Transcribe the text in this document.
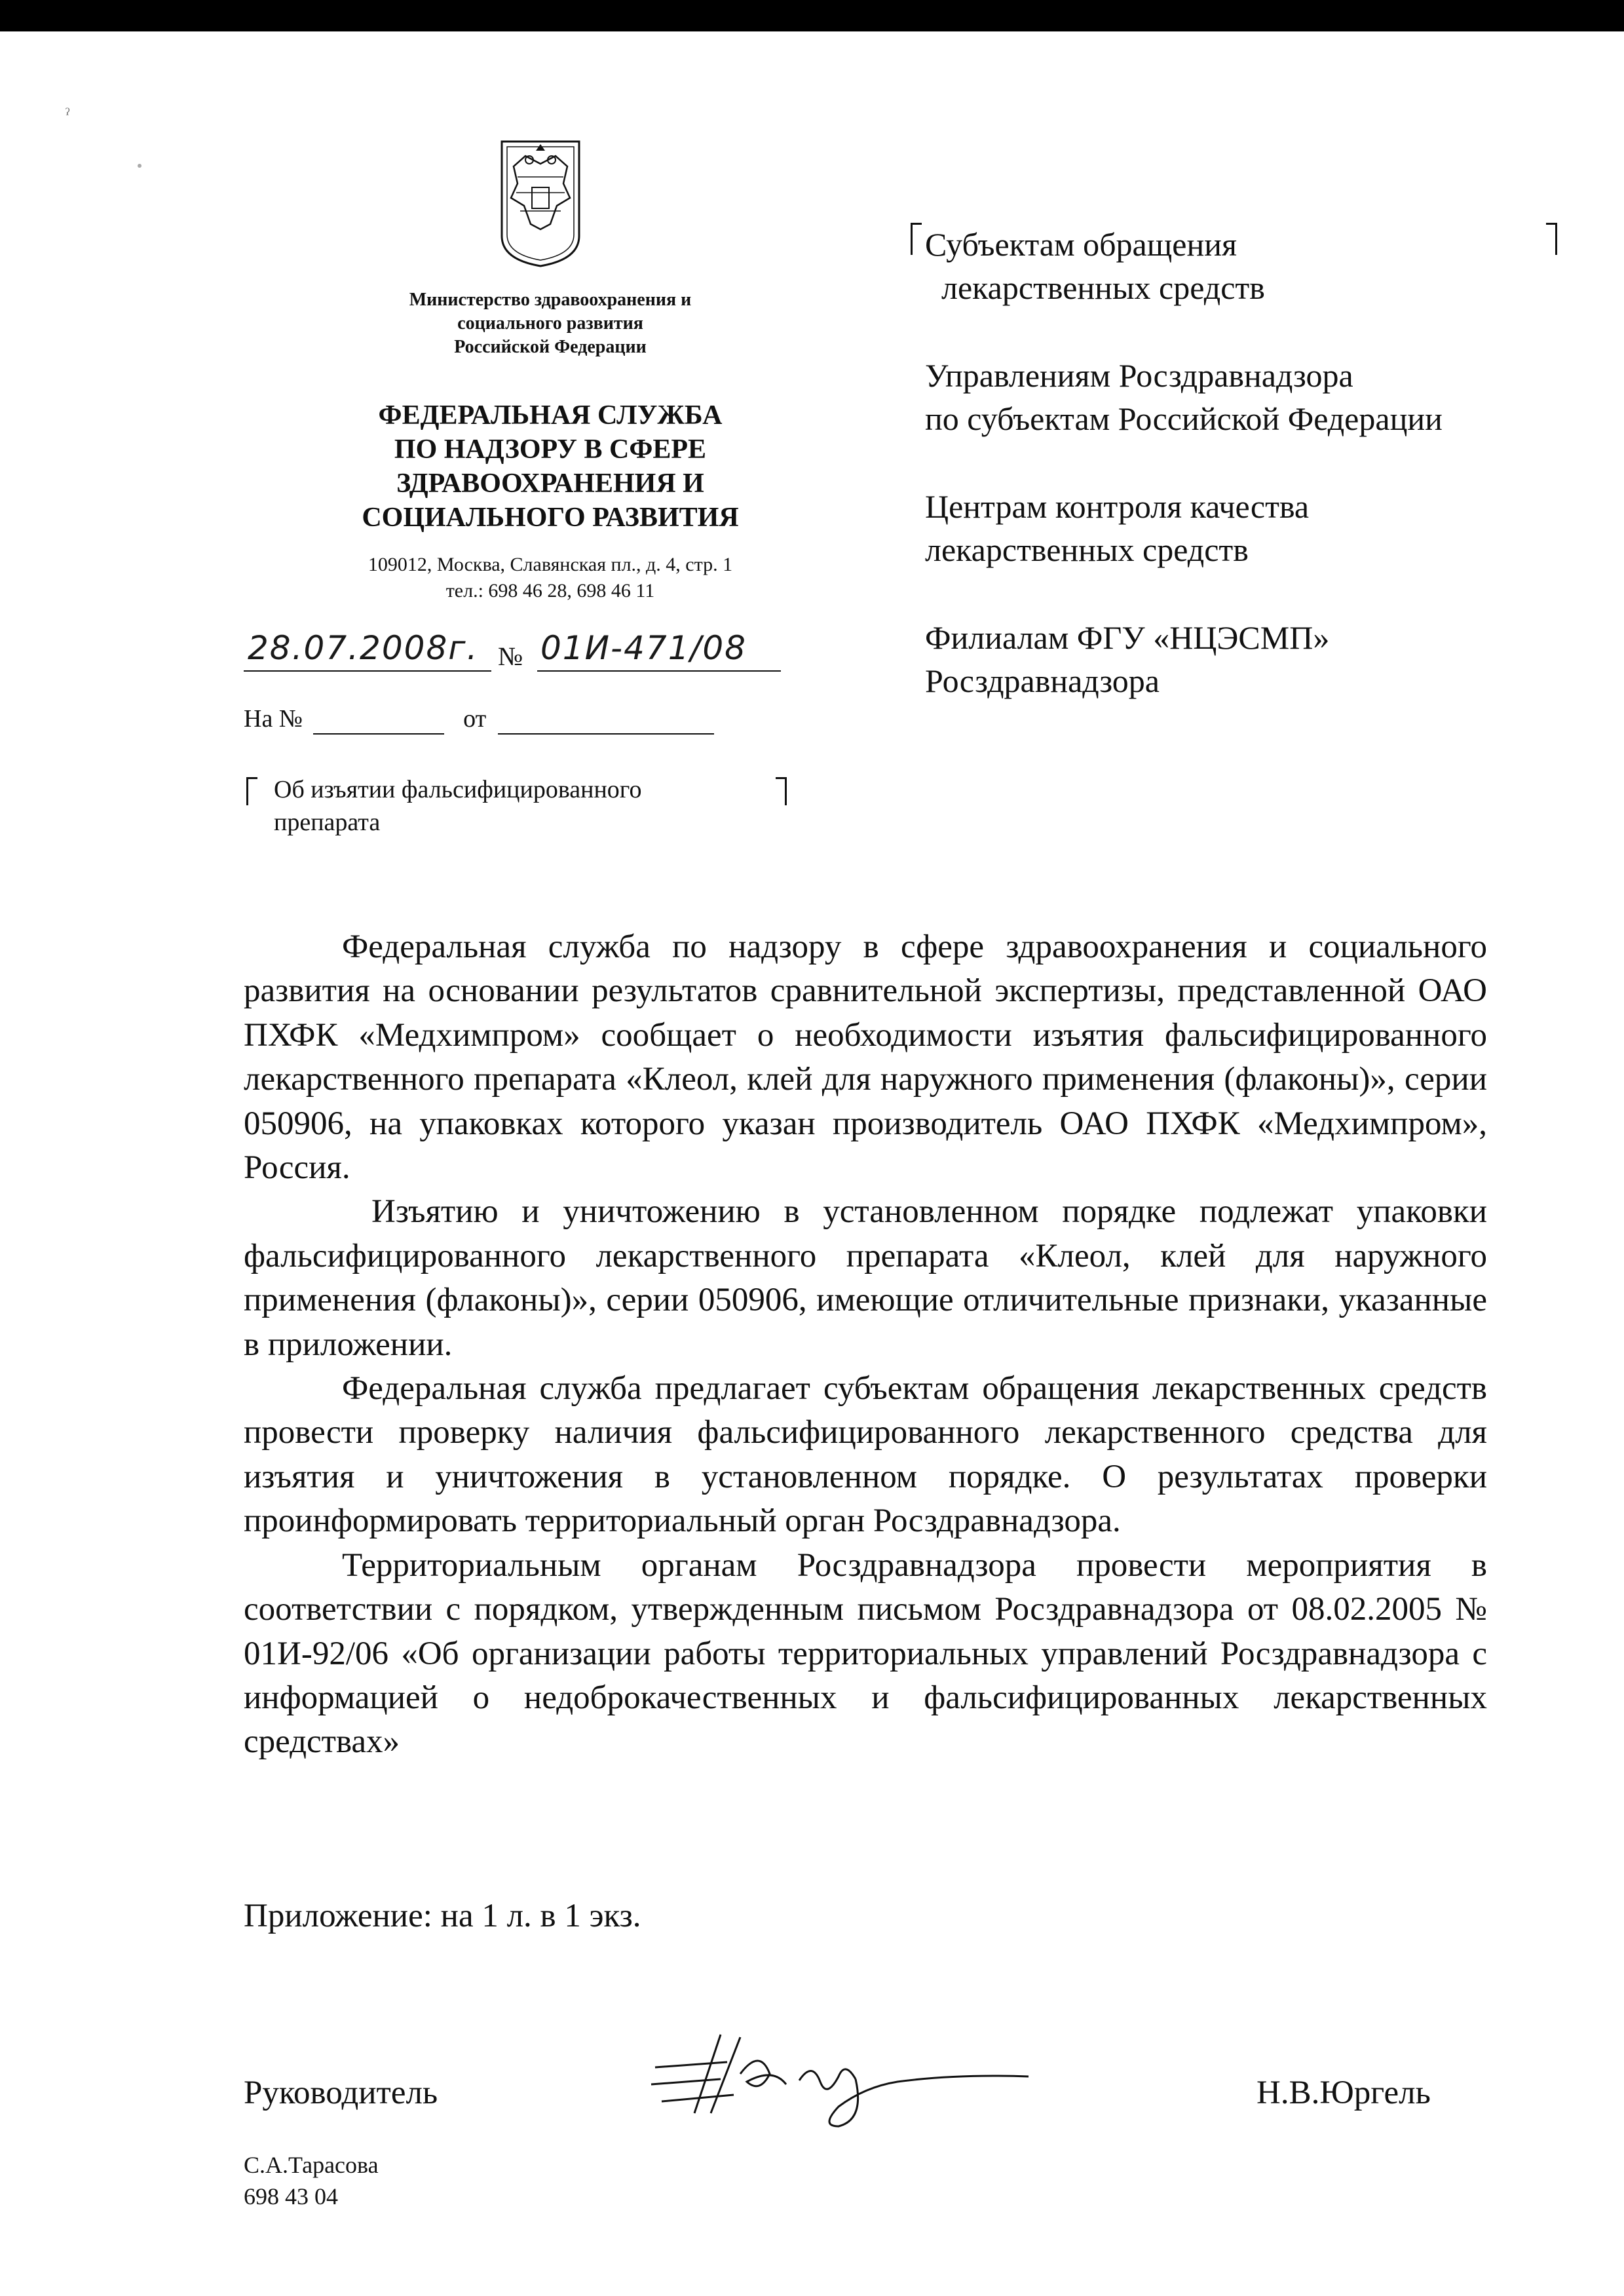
ˀ
Министерство здравоохранения и
социального развития
Российской Федерации
ФЕДЕРАЛЬНАЯ СЛУЖБА
ПО НАДЗОРУ В СФЕРЕ
ЗДРАВООХРАНЕНИЯ И
СОЦИАЛЬНОГО РАЗВИТИЯ
109012, Москва, Славянская пл., д. 4, стр. 1
тел.: 698 46 28, 698 46 11
28.07.2008г. № 01И-471/08
На №	от
Об изъятии фальсифицированного
препарата
Субъектам обращения
лекарственных средств
Управлениям Росздравнадзора
по субъектам Российской Федерации
Центрам контроля качества
лекарственных средств
Филиалам ФГУ «НЦЭСМП»
Росздравнадзора

Федеральная служба по надзору в сфере здравоохранения и социального развития на основании результатов сравнительной экспертизы, представленной ОАО ПХФК «Медхимпром» сообщает о необходимости изъятия фальсифицированного лекарственного препарата «Клеол, клей для наружного применения (флаконы)», серии 050906, на упаковках которого указан производитель ОАО ПХФК «Медхимпром», Россия.

Изъятию и уничтожению в установленном порядке подлежат упаковки фальсифицированного лекарственного препарата «Клеол, клей для наружного применения (флаконы)», серии 050906, имеющие отличительные признаки, указанные в приложении.

Федеральная служба предлагает субъектам обращения лекарственных средств провести проверку наличия фальсифицированного лекарственного средства для изъятия и уничтожения в установленном порядке. О результатах проверки проинформировать территориальный орган Росздравнадзора.

Территориальным органам Росздравнадзора провести мероприятия в соответствии с порядком, утвержденным письмом Росздравнадзора от 08.02.2005 № 01И-92/06 «Об организации работы территориальных управлений Росздравнадзора с информацией о недоброкачественных и фальсифицированных лекарственных средствах»

Приложение: на 1 л. в 1 экз.
Руководитель	Н.В.Юргель
С.А.Тарасова
698 43 04
